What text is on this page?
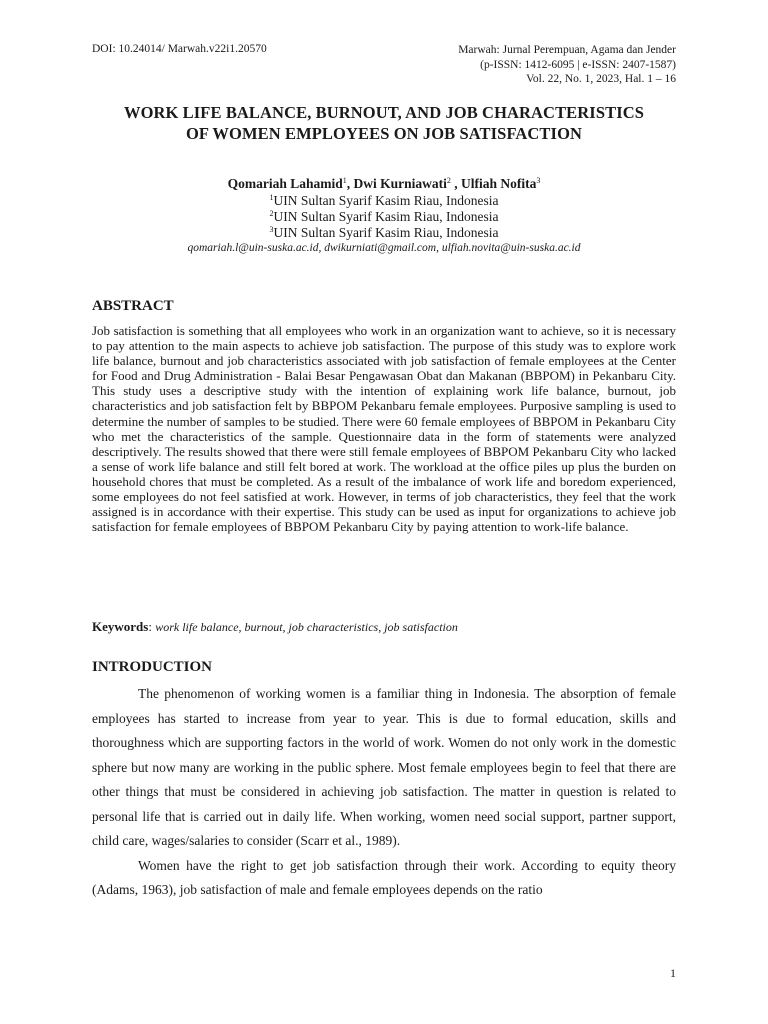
DOI: 10.24014/ Marwah.v22i1.20570	Marwah: Jurnal Perempuan, Agama dan Jender
(p-ISSN: 1412-6095 | e-ISSN: 2407-1587)
Vol. 22, No. 1, 2023, Hal. 1 – 16
WORK LIFE BALANCE, BURNOUT, AND JOB CHARACTERISTICS
OF WOMEN EMPLOYEES ON JOB SATISFACTION
Qomariah Lahamid$^1$, Dwi Kurniawati$^2$ , Ulfiah Nofita$^3$
$^1$UIN Sultan Syarif Kasim Riau, Indonesia
$^2$UIN Sultan Syarif Kasim Riau, Indonesia
$^3$UIN Sultan Syarif Kasim Riau, Indonesia
qomariah.l@uin-suska.ac.id, dwikurniati@gmail.com, ulfiah.novita@uin-suska.ac.id
ABSTRACT
Job satisfaction is something that all employees who work in an organization want to achieve, so it is necessary to pay attention to the main aspects to achieve job satisfaction. The purpose of this study was to explore work life balance, burnout and job characteristics associated with job satisfaction of female employees at the Center for Food and Drug Administration - Balai Besar Pengawasan Obat dan Makanan (BBPOM) in Pekanbaru City. This study uses a descriptive study with the intention of explaining work life balance, burnout, job characteristics and job satisfaction felt by BBPOM Pekanbaru female employees. Purposive sampling is used to determine the number of samples to be studied. There were 60 female employees of BBPOM in Pekanbaru City who met the characteristics of the sample. Questionnaire data in the form of statements were analyzed descriptively. The results showed that there were still female employees of BBPOM Pekanbaru City who lacked a sense of work life balance and still felt bored at work. The workload at the office piles up plus the burden on household chores that must be completed. As a result of the imbalance of work life and boredom experienced, some employees do not feel satisfied at work. However, in terms of job characteristics, they feel that the work assigned is in accordance with their expertise. This study can be used as input for organizations to achieve job satisfaction for female employees of BBPOM Pekanbaru City by paying attention to work-life balance.
Keywords: work life balance, burnout, job characteristics, job satisfaction
INTRODUCTION

The phenomenon of working women is a familiar thing in Indonesia. The absorption of female employees has started to increase from year to year. This is due to formal education, skills and thoroughness which are supporting factors in the world of work. Women do not only work in the domestic sphere but now many are working in the public sphere. Most female employees begin to feel that there are other things that must be considered in achieving job satisfaction. The matter in question is related to personal life that is carried out in daily life. When working, women need social support, partner support, child care, wages/salaries to consider (Scarr et al., 1989).

Women have the right to get job satisfaction through their work. According to equity theory (Adams, 1963), job satisfaction of male and female employees depends on the ratio

1
